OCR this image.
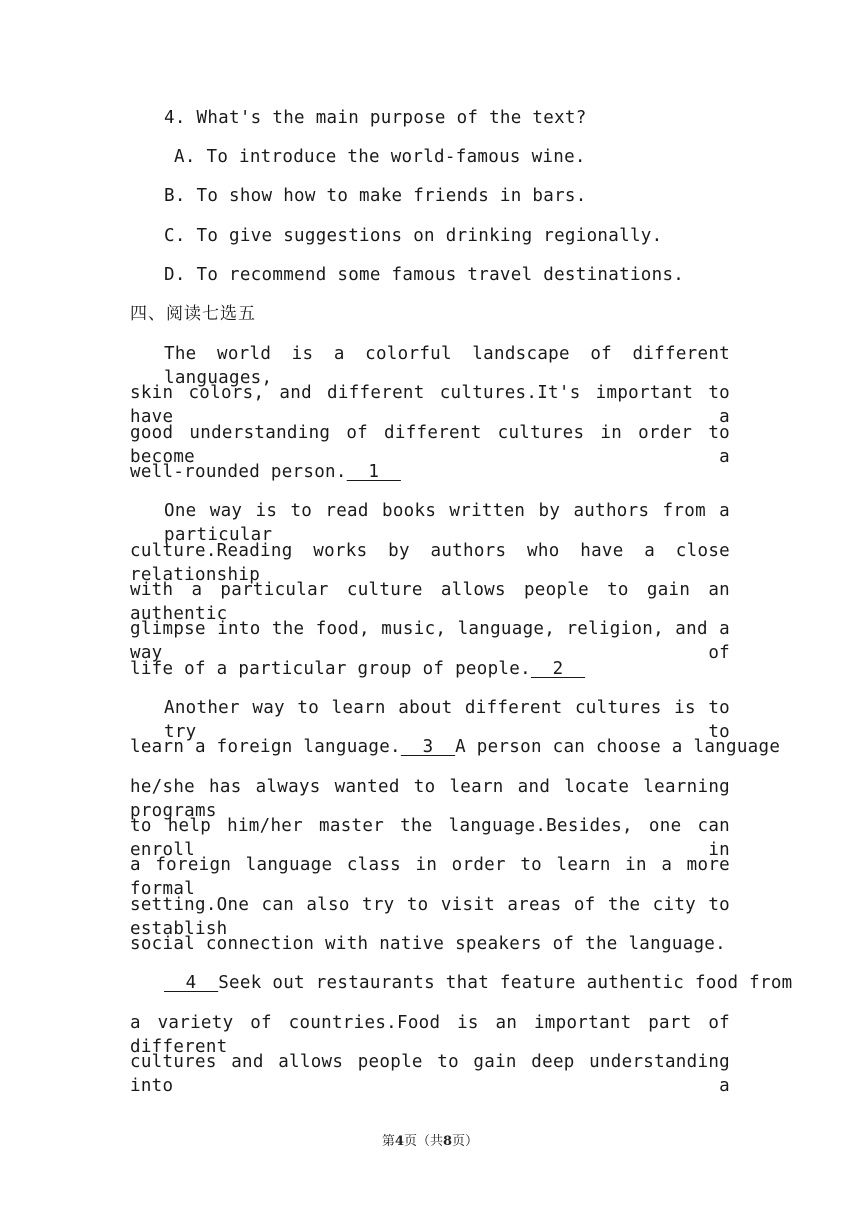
4. What's the main purpose of the text?
A. To introduce the world-famous wine.
B. To show how to make friends in bars.
C. To give suggestions on drinking regionally.
D. To recommend some famous travel destinations.
四、阅读七选五
The world is a colorful landscape of different languages,
skin colors, and different cultures.It's important to have a
good understanding of different cultures in order to become a
well-rounded person.  1
One way is to read books written by authors from a particular
culture.Reading works by authors who have a close relationship
with a particular culture allows people to gain an authentic
glimpse into the food, music, language, religion, and a way of
life of a particular group of people.  2
Another way to learn about different cultures is to try to
learn a foreign language.  3 A person can choose a language
he/she has always wanted to learn and locate learning programs
to help him/her master the language.Besides, one can enroll in
a foreign language class in order to learn in a more formal
setting.One can also try to visit areas of the city to establish
social connection with native speakers of the language.
4 Seek out restaurants that feature authentic food from
a variety of countries.Food is an important part of different
cultures and allows people to gain deep understanding into a
第4页（共8页）
